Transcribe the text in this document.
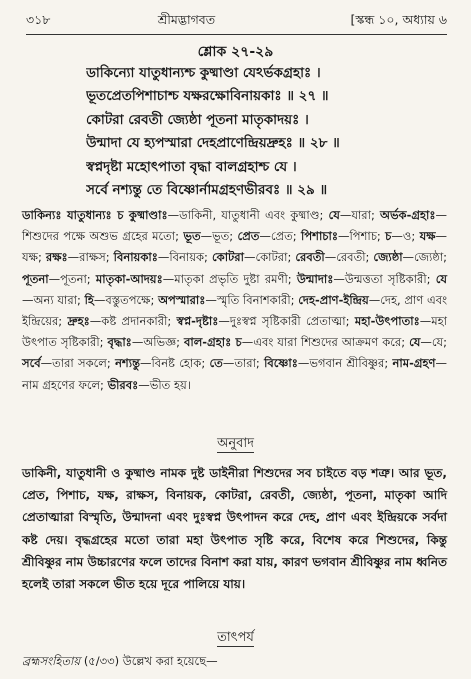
৩১৮	শ্রীমদ্ভাগবত	[স্কন্ধ ১০, অধ্যায় ৬
শ্লোক ২৭-২৯
ডাকিন্যো যাতুধান্যশ্চ কুষ্মাণ্ডা যেঽর্ভকগ্রহাঃ ।
ভূতপ্রেতপিশাচাশ্চ যক্ষরক্ষোবিনায়কাঃ ॥ ২৭ ॥
কোটরা রেবতী জ্যেষ্ঠা পূতনা মাতৃকাদয়ঃ ।
উন্মাদা যে হ্যপস্মারা দেহপ্রাণেন্দ্রিয়দ্রুহঃ ॥ ২৮ ॥
স্বপ্নদৃষ্টা মহোৎপাতা বৃদ্ধা বালগ্রহাশ্চ যে ।
সর্বে নশ্যন্তু তে বিষ্ণোর্নামগ্রহণভীরবঃ ॥ ২৯ ॥
ডাকিন্যঃ যাতুধান্যঃ চ কুষ্মাণ্ডাঃ—ডাকিনী, যাতুধানী এবং কুষ্মাণ্ড; যে—যারা; অর্ভক-গ্রহাঃ—শিশুদের পক্ষে অশুভ গ্রহের মতো; ভূত—ভূত; প্রেত—প্রেত; পিশাচাঃ—পিশাচ; চ—ও; যক্ষ—যক্ষ; রক্ষঃ—রাক্ষস; বিনায়কাঃ—বিনায়ক; কোটরা—কোটরা; রেবতী—রেবতী; জ্যেষ্ঠা—জ্যেষ্ঠা; পূতনা—পূতনা; মাতৃকা-আদয়ঃ—মাতৃকা প্রভৃতি দুষ্টা রমণী; উন্মাদাঃ—উন্মত্ততা সৃষ্টিকারী; যে—অন্য যারা; হি—বস্তুতপক্ষে; অপস্মারাঃ—স্মৃতি বিনাশকারী; দেহ-প্রাণ-ইন্দ্রিয়—দেহ, প্রাণ এবং ইন্দ্রিয়ের; দ্রুহঃ—কষ্ট প্রদানকারী; স্বপ্ন-দৃষ্টাঃ—দুঃস্বপ্ন সৃষ্টিকারী প্রেতাত্মা; মহা-উৎপাতাঃ—মহা উৎপাত সৃষ্টিকারী; বৃদ্ধাঃ—অভিজ্ঞ; বাল-গ্রহাঃ চ—এবং যারা শিশুদের আক্রমণ করে; যে—যে; সর্বে—তারা সকলে; নশ্যন্তু—বিনষ্ট হোক; তে—তারা; বিষ্ণোঃ—ভগবান শ্রীবিষ্ণুর; নাম-গ্রহণ—নাম গ্রহণের ফলে; ভীরবঃ—ভীত হয়।
অনুবাদ
ডাকিনী, যাতুধানী ও কুষ্মাণ্ড নামক দুষ্ট ডাইনীরা শিশুদের সব চাইতে বড় শত্রু। আর ভূত, প্রেত, পিশাচ, যক্ষ, রাক্ষস, বিনায়ক, কোটরা, রেবতী, জ্যেষ্ঠা, পূতনা, মাতৃকা আদি প্রেতাত্মারা বিস্মৃতি, উন্মাদনা এবং দুঃস্বপ্ন উৎপাদন করে দেহ, প্রাণ এবং ইন্দ্রিয়কে সর্বদা কষ্ট দেয়। বৃদ্ধগ্রহের মতো তারা মহা উৎপাত সৃষ্টি করে, বিশেষ করে শিশুদের, কিন্তু শ্রীবিষ্ণুর নাম উচ্চারণের ফলে তাদের বিনাশ করা যায়, কারণ ভগবান শ্রীবিষ্ণুর নাম ধ্বনিত হলেই তারা সকলে ভীত হয়ে দূরে পালিয়ে যায়।
তাৎপর্য
ব্রহ্মসংহিতায় (৫/৩৩) উল্লেখ করা হয়েছে—
